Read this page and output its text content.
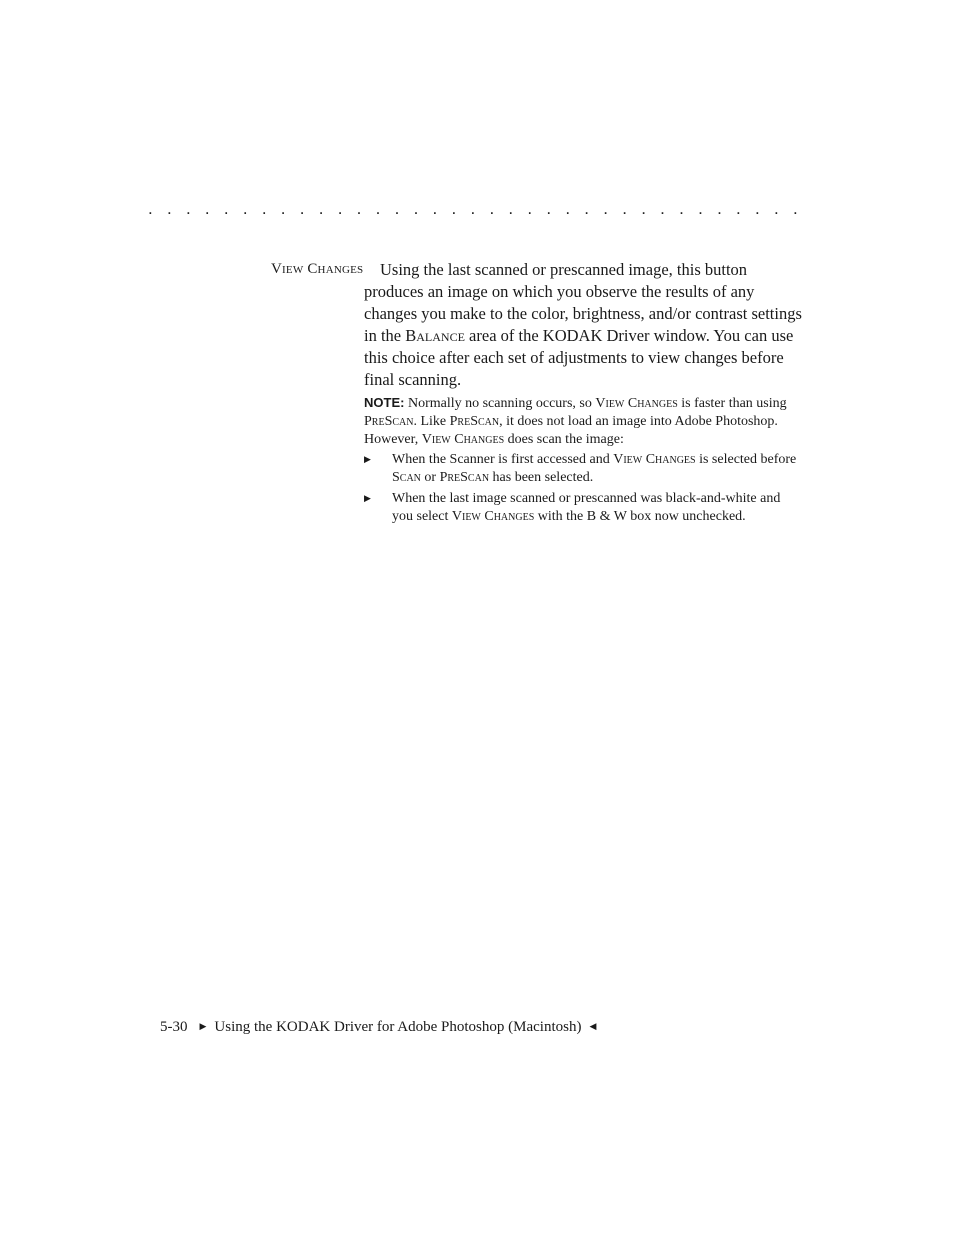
. . . . . . . . . . . . . . . . . . . . . . . . . . . . . . . . . . .
View Changes	Using the last scanned or prescanned image, this button produces an image on which you observe the results of any changes you make to the color, brightness, and/or contrast settings in the Balance area of the KODAK Driver window. You can use this choice after each set of adjustments to view changes before final scanning.
NOTE: Normally no scanning occurs, so View Changes is faster than using PreScan. Like PreScan, it does not load an image into Adobe Photoshop. However, View Changes does scan the image:
▶ When the Scanner is first accessed and View Changes is selected before Scan or PreScan has been selected.
▶ When the last image scanned or prescanned was black-and-white and you select View Changes with the B & W box now unchecked.
5-30 ▶ Using the KODAK Driver for Adobe Photoshop (Macintosh) ◀
